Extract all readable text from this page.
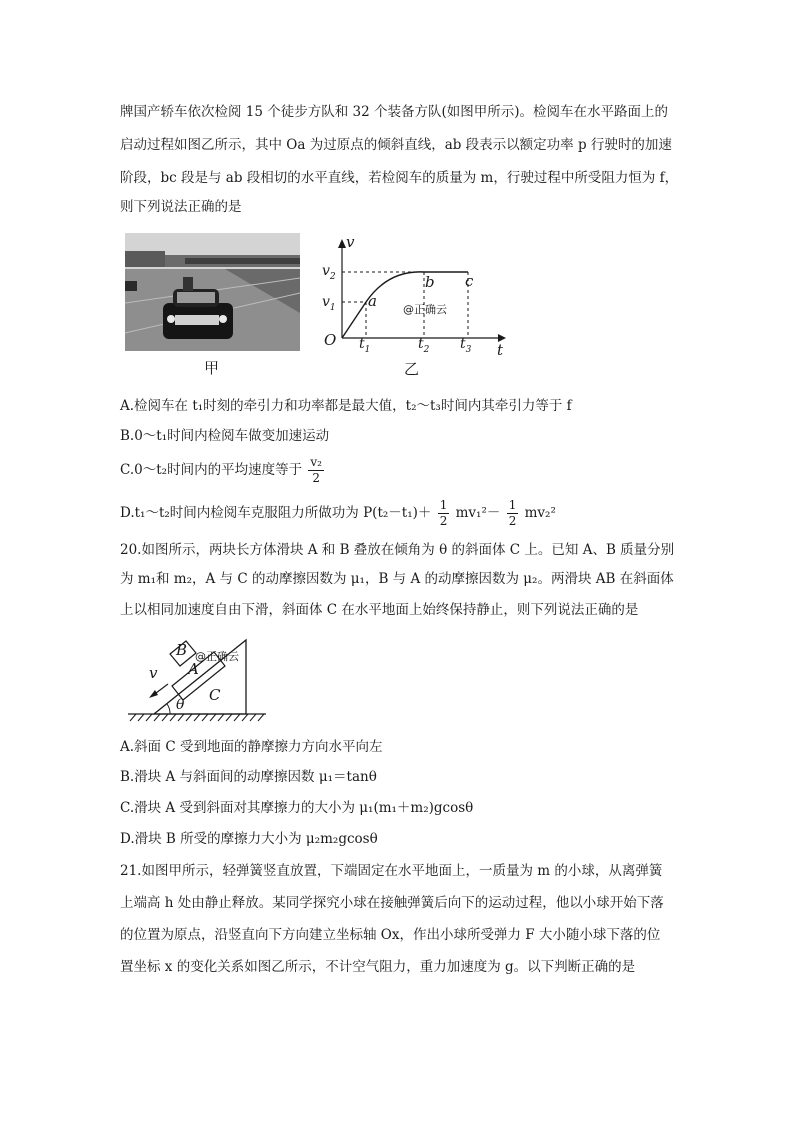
牌国产轿车依次检阅 15 个徒步方队和 32 个装备方队(如图甲所示)。检阅车在水平路面上的
启动过程如图乙所示，其中 Oa 为过原点的倾斜直线，ab 段表示以额定功率 p 行驶时的加速
阶段，bc 段是与 ab 段相切的水平直线，若检阅车的质量为 m，行驶过程中所受阻力恒为 f，
则下列说法正确的是
甲
v
t
O
$v_2$
$v_1$
$t_1$	$t_2$ $t_3$
a
b c
@正确云
乙
A.检阅车在 t₁时刻的牵引力和功率都是最大值，t₂～t₃时间内其牵引力等于 f
B.0～t₁时间内检阅车做变加速运动
C.0～t₂时间内的平均速度等于 $\frac{\text{v₂}}{2}$
D.t₁～t₂时间内检阅车克服阻力所做功为 $P(t_2-t_1)+ \frac{1}{2} mv_1^2- \frac{1}{2} mv_2^2$
20.如图所示，两块长方体滑块 A 和 B 叠放在倾角为 θ 的斜面体 C 上。已知 A、B 质量分别
为 m₁和 m₂，A 与 C 的动摩擦因数为 μ₁，B 与 A 的动摩擦因数为 μ₂。两滑块 AB 在斜面体
上以相同加速度自由下滑，斜面体 C 在水平地面上始终保持静止，则下列说法正确的是
B
A
C
v
θ
@正确云
A.斜面 C 受到地面的静摩擦力方向水平向左
B.滑块 A 与斜面间的动摩擦因数 μ₁＝tanθ
C.滑块 A 受到斜面对其摩擦力的大小为 μ₁(m₁＋m₂)gcosθ
D.滑块 B 所受的摩擦力大小为 μ₂m₂gcosθ
21.如图甲所示，轻弹簧竖直放置，下端固定在水平地面上，一质量为 m 的小球，从离弹簧
上端高 h 处由静止释放。某同学探究小球在接触弹簧后向下的运动过程，他以小球开始下落
的位置为原点，沿竖直向下方向建立坐标轴 Ox，作出小球所受弹力 F 大小随小球下落的位
置坐标 x 的变化关系如图乙所示，不计空气阻力，重力加速度为 g。以下判断正确的是
